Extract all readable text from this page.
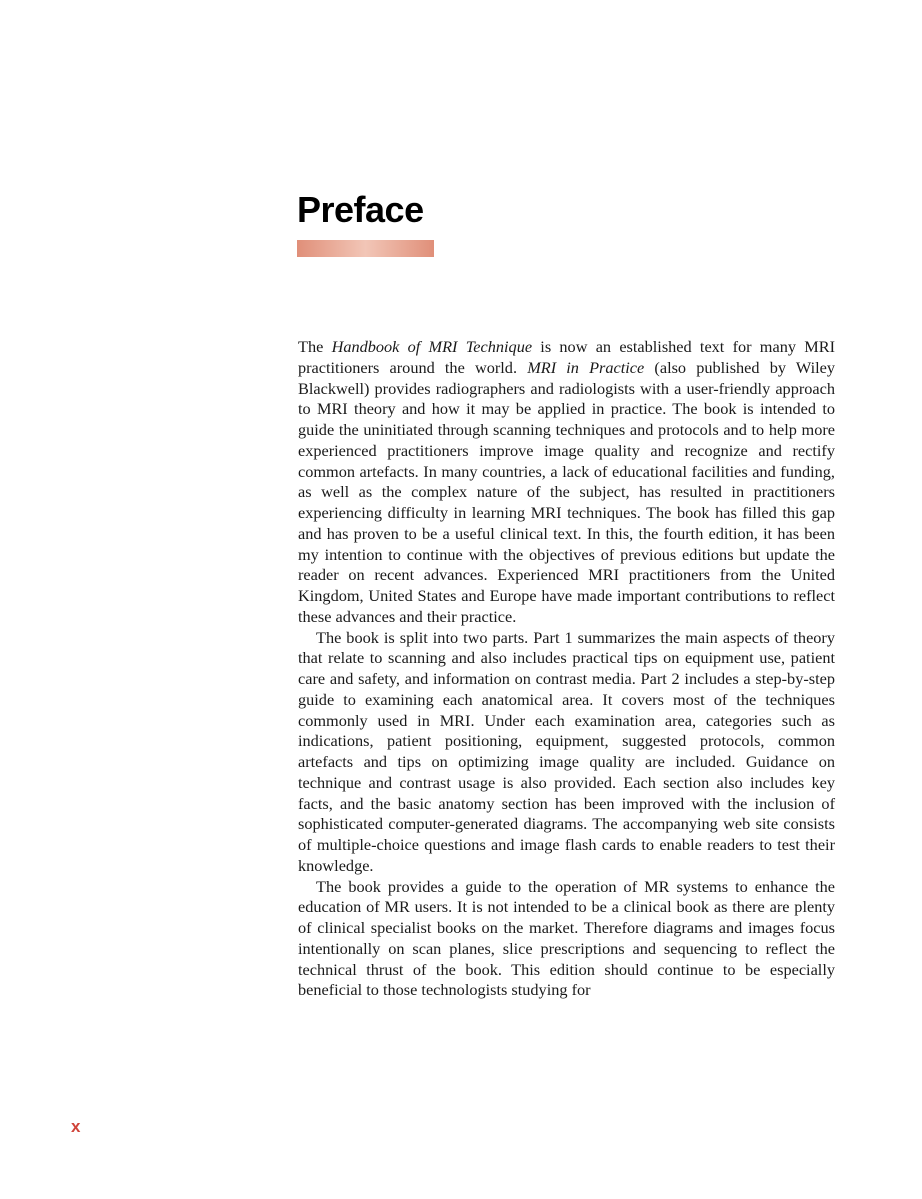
Preface

The Handbook of MRI Technique is now an established text for many MRI practitioners around the world. MRI in Practice (also published by Wiley Blackwell) provides radiographers and radiologists with a user-friendly approach to MRI theory and how it may be applied in practice. The book is intended to guide the uninitiated through scanning techniques and protocols and to help more experienced practitioners improve image quality and recognize and rectify common artefacts. In many countries, a lack of educational facilities and funding, as well as the complex nature of the subject, has resulted in practitioners experiencing difficulty in learning MRI techniques. The book has filled this gap and has proven to be a useful clinical text. In this, the fourth edition, it has been my intention to continue with the objectives of previous editions but update the reader on recent advances. Experienced MRI practitioners from the United Kingdom, United States and Europe have made important contributions to reflect these advances and their practice.

The book is split into two parts. Part 1 summarizes the main aspects of theory that relate to scanning and also includes practical tips on equipment use, patient care and safety, and information on contrast media. Part 2 includes a step-by-step guide to examining each anatomical area. It covers most of the techniques commonly used in MRI. Under each examination area, categories such as indications, patient positioning, equipment, suggested protocols, common artefacts and tips on optimizing image quality are included. Guidance on technique and contrast usage is also provided. Each section also includes key facts, and the basic anatomy section has been improved with the inclusion of sophisticated computer-generated diagrams. The accompanying web site consists of multiple-choice questions and image flash cards to enable readers to test their knowledge.

The book provides a guide to the operation of MR systems to enhance the education of MR users. It is not intended to be a clinical book as there are plenty of clinical specialist books on the market. Therefore diagrams and images focus intentionally on scan planes, slice prescriptions and sequencing to reflect the technical thrust of the book. This edition should continue to be especially beneficial to those technologists studying for

x
